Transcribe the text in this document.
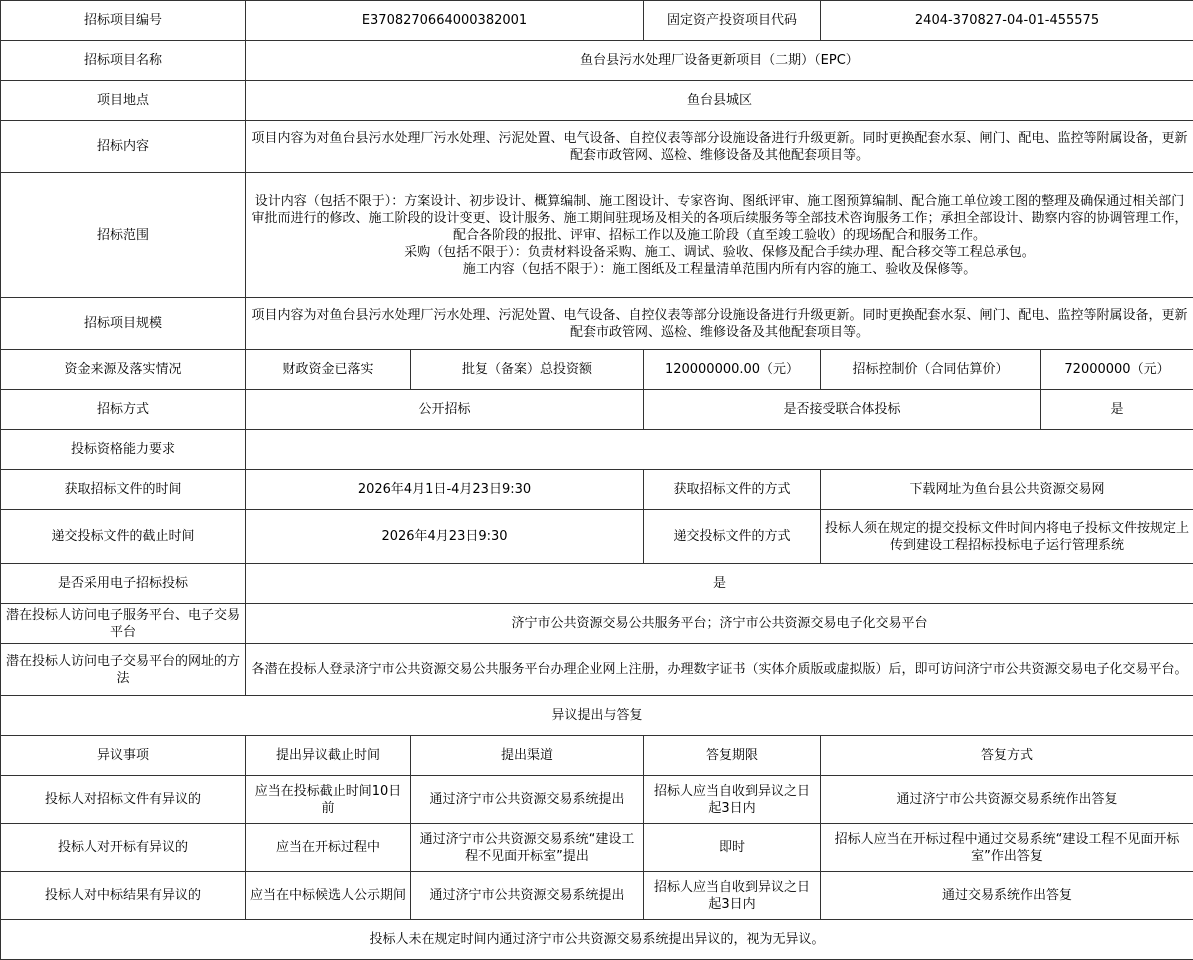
招标项目编号	E3708270664000382001		固定资产投资项目代码	2404-370827-04-01-455575	
招标项目名称	鱼台县污水处理厂设备更新项目（二期）（EPC）				
项目地点	鱼台县城区				
招标内容	项目内容为对鱼台县污水处理厂污水处理、污泥处置、电气设备、自控仪表等部分设施设备进行升级更新。同时更换配套水泵、闸门、配电、监控等附属设备，更新配套市政管网、巡检、维修设备及其他配套项目等。				
招标范围	设计内容（包括不限于）：方案设计、初步设计、概算编制、施工图设计、专家咨询、图纸评审、施工图预算编制、配合施工单位竣工图的整理及确保通过相关部门审批而进行的修改、施工阶段的设计变更、设计服务、施工期间驻现场及相关的各项后续服务等全部技术咨询服务工作；承担全部设计、勘察内容的协调管理工作，配合各阶段的报批、评审、招标工作以及施工阶段（直至竣工验收）的现场配合和服务工作。
采购（包括不限于）：负责材料设备采购、施工、调试、验收、保修及配合手续办理、配合移交等工程总承包。
施工内容（包括不限于）：施工图纸及工程量清单范围内所有内容的施工、验收及保修等。				

招标项目规模	项目内容为对鱼台县污水处理厂污水处理、污泥处置、电气设备、自控仪表等部分设施设备进行升级更新。同时更换配套水泵、闸门、配电、监控等附属设备，更新配套市政管网、巡检、维修设备及其他配套项目等。				
资金来源及落实情况	财政资金已落实	批复（备案）总投资额	120000000.00（元）	招标控制价（合同估算价）	72000000（元）
招标方式	公开招标		是否接受联合体投标		是
投标资格能力要求					
获取招标文件的时间	2026年4月1日-4月23日9:30		获取招标文件的方式	下载网址为鱼台县公共资源交易网	
递交投标文件的截止时间	2026年4月23日9:30		递交投标文件的方式	投标人须在规定的提交投标文件时间内将电子投标文件按规定上传到建设工程招标投标电子运行管理系统	
是否采用电子招标投标	是				
潜在投标人访问电子服务平台、电子交易平台	济宁市公共资源交易公共服务平台；济宁市公共资源交易电子化交易平台				
潜在投标人访问电子交易平台的网址的方法	各潜在投标人登录济宁市公共资源交易公共服务平台办理企业网上注册，办理数字证书（实体介质版或虚拟版）后，即可访问济宁市公共资源交易电子化交易平台。				
异议提出与答复					
异议事项	提出异议截止时间	提出渠道	答复期限	答复方式	
投标人对招标文件有异议的	应当在投标截止时间10日前	通过济宁市公共资源交易系统提出	招标人应当自收到异议之日起3日内	通过济宁市公共资源交易系统作出答复	
投标人对开标有异议的	应当在开标过程中	通过济宁市公共资源交易系统“建设工程不见面开标室”提出	即时	招标人应当在开标过程中通过交易系统“建设工程不见面开标室”作出答复	
投标人对中标结果有异议的	应当在中标候选人公示期间	通过济宁市公共资源交易系统提出	招标人应当自收到异议之日起3日内	通过交易系统作出答复	
投标人未在规定时间内通过济宁市公共资源交易系统提出异议的，视为无异议。					
